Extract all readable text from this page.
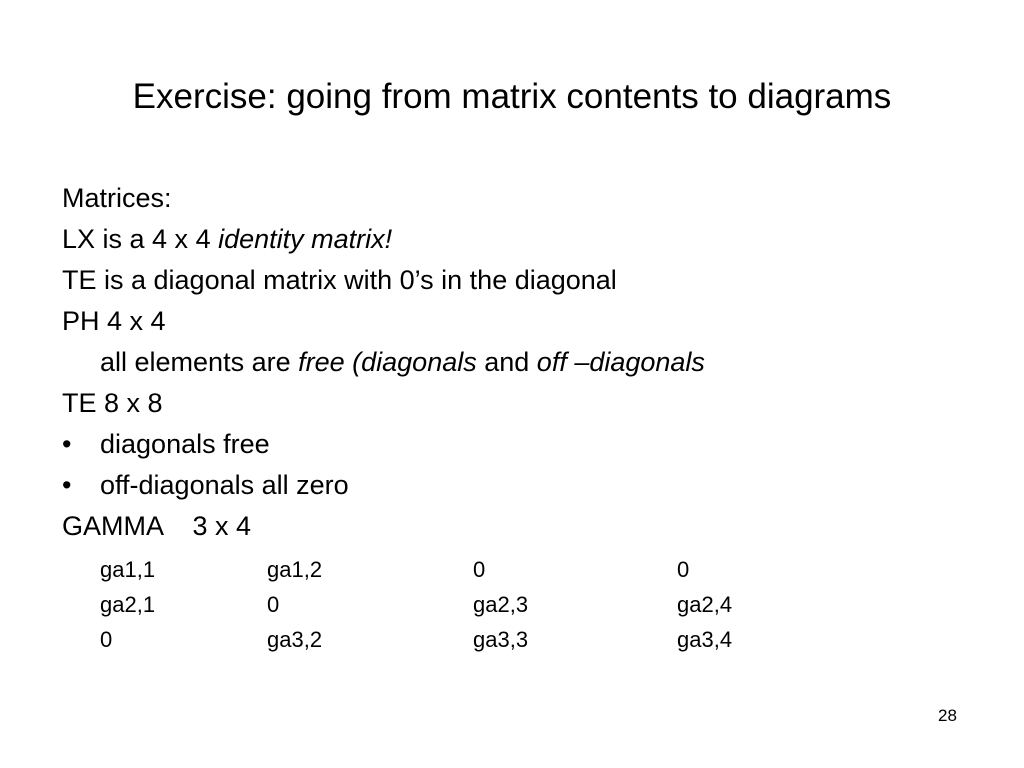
Exercise: going from matrix contents to diagrams
Matrices:
LX is a 4 x 4 identity matrix!
TE is a diagonal matrix with 0’s in the diagonal
PH 4 x 4
all elements are free (diagonals and off –diagonals
TE 8 x 8
• diagonals free
• off-diagonals all zero
GAMMA    3 x 4
ga1,1	ga1,2	0	0
ga2,1	0	ga2,3	ga2,4
0	ga3,2	ga3,3	ga3,4
28
